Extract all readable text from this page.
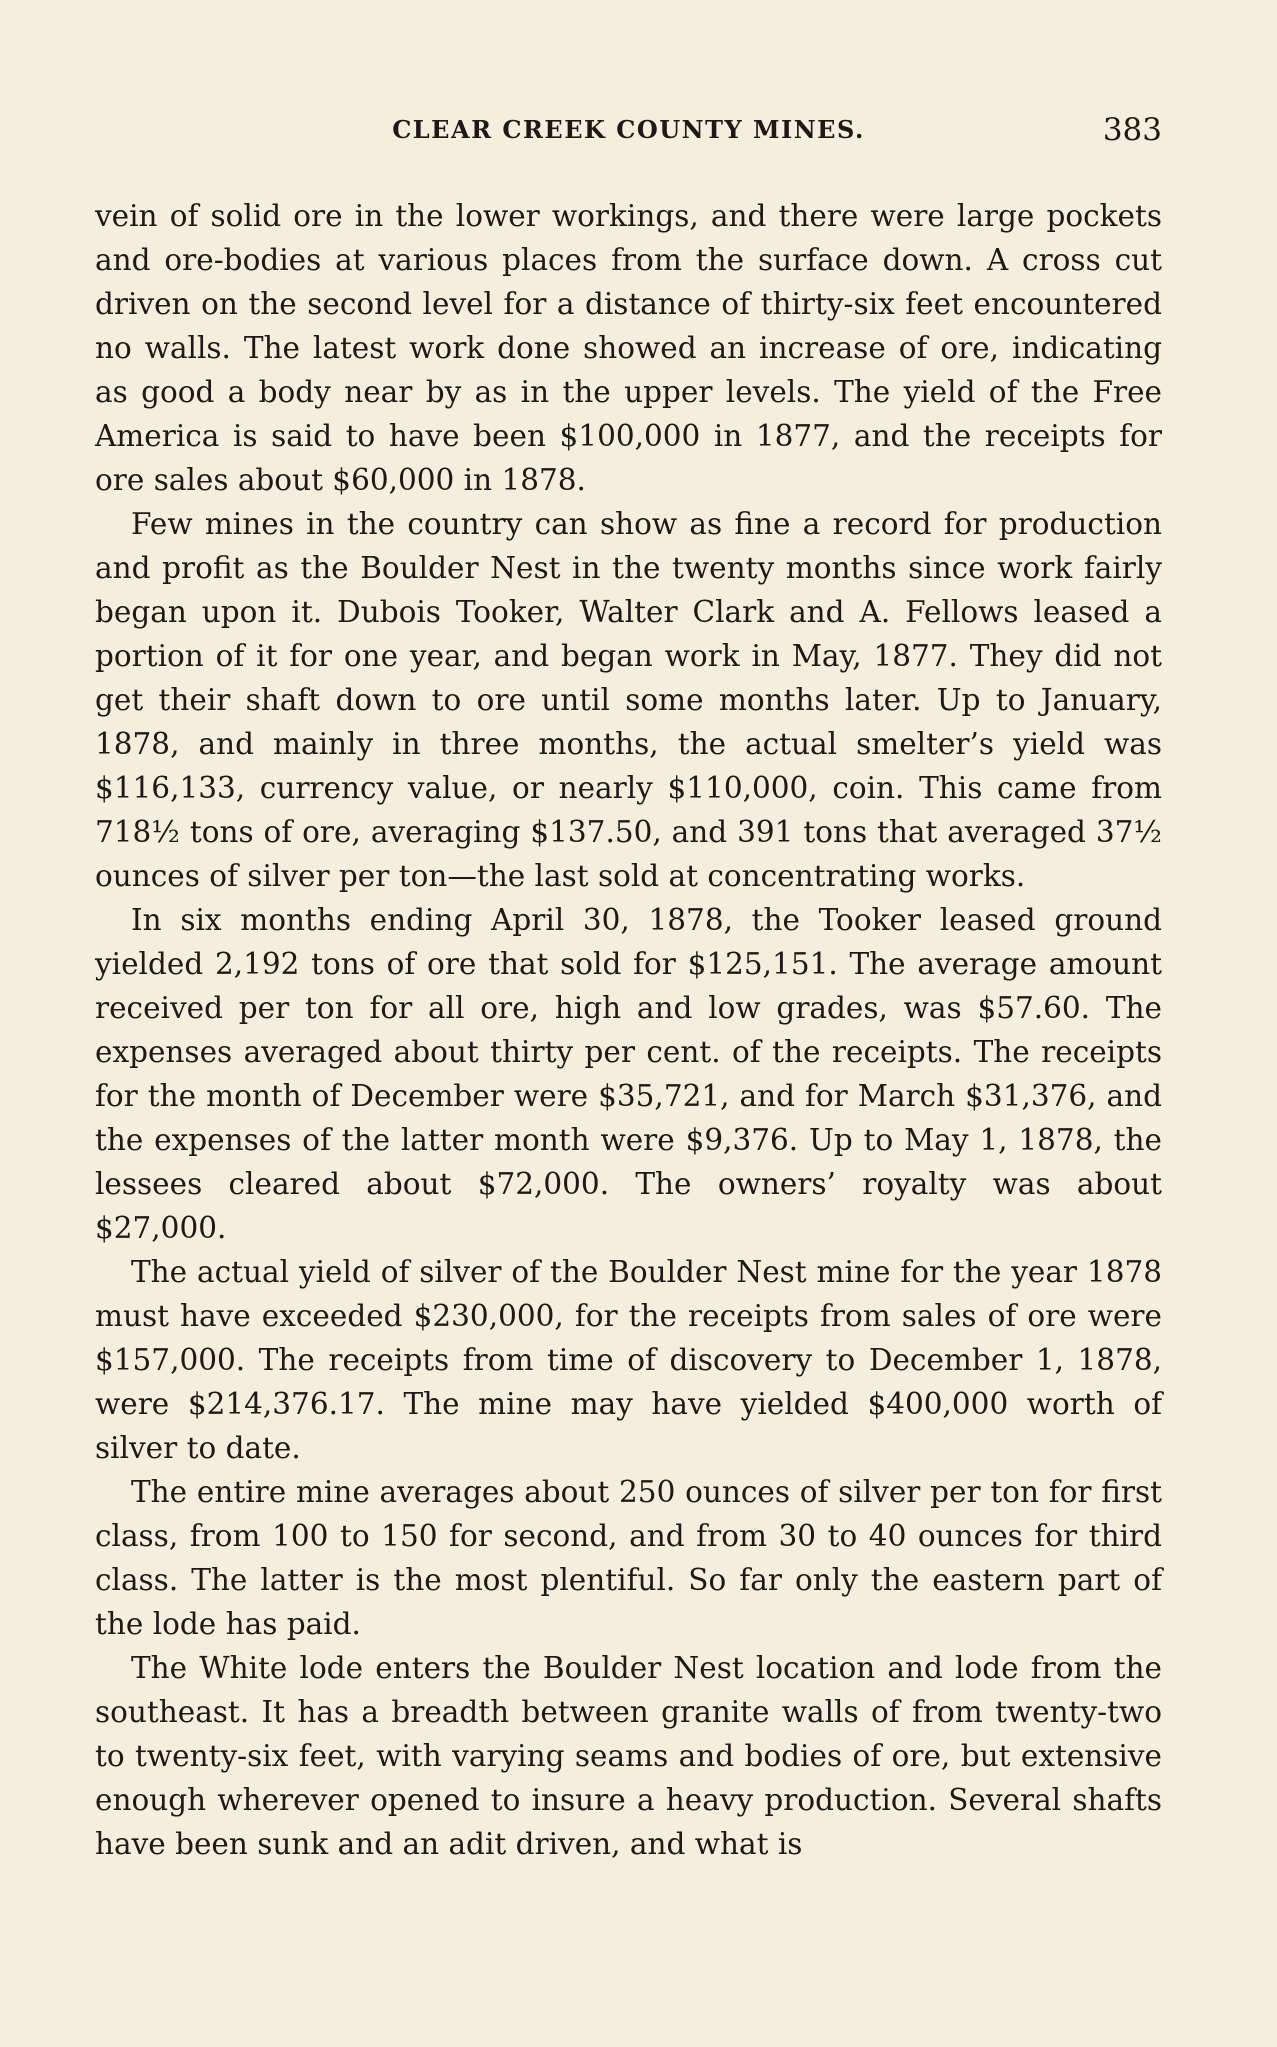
CLEAR CREEK COUNTY MINES.	383

vein of solid ore in the lower workings, and there were large pockets and ore-bodies at various places from the surface down. A cross cut driven on the second level for a distance of thirty-six feet encountered no walls. The latest work done showed an increase of ore, indicating as good a body near by as in the upper levels. The yield of the Free America is said to have been $100,000 in 1877, and the receipts for ore sales about $60,000 in 1878.

Few mines in the country can show as fine a record for production and profit as the Boulder Nest in the twenty months since work fairly began upon it. Dubois Tooker, Walter Clark and A. Fellows leased a portion of it for one year, and began work in May, 1877. They did not get their shaft down to ore until some months later. Up to January, 1878, and mainly in three months, the actual smelter’s yield was $116,133, currency value, or nearly $110,000, coin. This came from 718½ tons of ore, averaging $137.50, and 391 tons that averaged 37½ ounces of silver per ton—the last sold at concentrating works.

In six months ending April 30, 1878, the Tooker leased ground yielded 2,192 tons of ore that sold for $125,151. The average amount received per ton for all ore, high and low grades, was $57.60. The expenses averaged about thirty per cent. of the receipts. The receipts for the month of December were $35,721, and for March $31,376, and the expenses of the latter month were $9,376. Up to May 1, 1878, the lessees cleared about $72,000. The owners’ royalty was about $27,000.

The actual yield of silver of the Boulder Nest mine for the year 1878 must have exceeded $230,000, for the receipts from sales of ore were $157,000. The receipts from time of discovery to December 1, 1878, were $214,376.17. The mine may have yielded $400,000 worth of silver to date.

The entire mine averages about 250 ounces of silver per ton for first class, from 100 to 150 for second, and from 30 to 40 ounces for third class. The latter is the most plentiful. So far only the eastern part of the lode has paid.

The White lode enters the Boulder Nest location and lode from the southeast. It has a breadth between granite walls of from twenty-two to twenty-six feet, with varying seams and bodies of ore, but extensive enough wherever opened to insure a heavy production. Several shafts have been sunk and an adit driven, and what is
